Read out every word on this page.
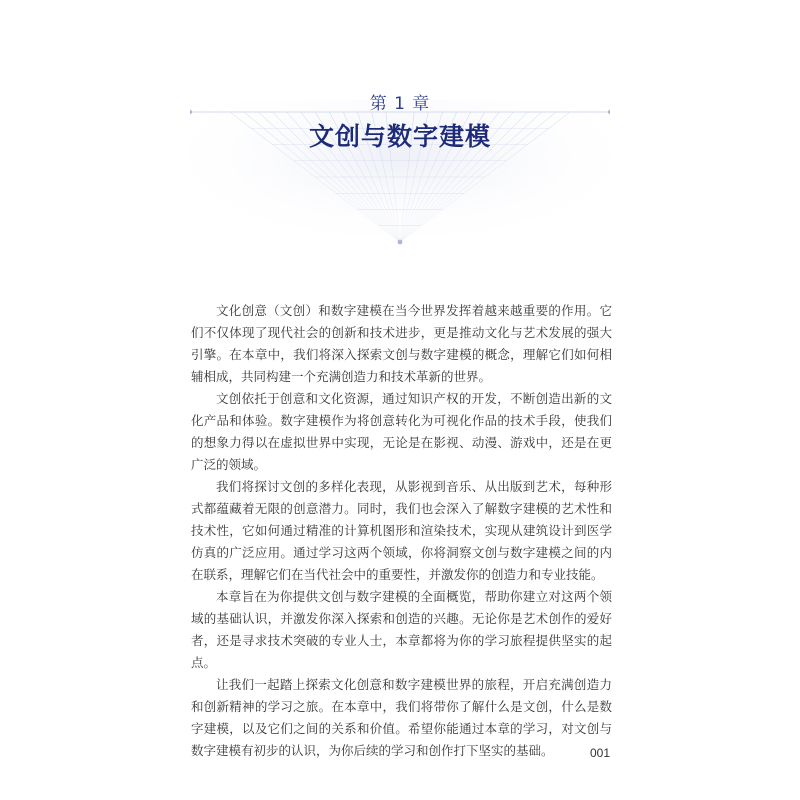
第 1 章
文创与数字建模

文化创意（文创）和数字建模在当今世界发挥着越来越重要的作用。它们不仅体现了现代社会的创新和技术进步，更是推动文化与艺术发展的强大引擎。在本章中，我们将深入探索文创与数字建模的概念，理解它们如何相辅相成，共同构建一个充满创造力和技术革新的世界。

文创依托于创意和文化资源，通过知识产权的开发，不断创造出新的文化产品和体验。数字建模作为将创意转化为可视化作品的技术手段，使我们的想象力得以在虚拟世界中实现，无论是在影视、动漫、游戏中，还是在更广泛的领域。

我们将探讨文创的多样化表现，从影视到音乐、从出版到艺术，每种形式都蕴藏着无限的创意潜力。同时，我们也会深入了解数字建模的艺术性和技术性，它如何通过精准的计算机图形和渲染技术，实现从建筑设计到医学仿真的广泛应用。通过学习这两个领域，你将洞察文创与数字建模之间的内在联系，理解它们在当代社会中的重要性，并激发你的创造力和专业技能。

本章旨在为你提供文创与数字建模的全面概览，帮助你建立对这两个领域的基础认识，并激发你深入探索和创造的兴趣。无论你是艺术创作的爱好者，还是寻求技术突破的专业人士，本章都将为你的学习旅程提供坚实的起点。

让我们一起踏上探索文化创意和数字建模世界的旅程，开启充满创造力和创新精神的学习之旅。在本章中，我们将带你了解什么是文创，什么是数字建模，以及它们之间的关系和价值。希望你能通过本章的学习，对文创与数字建模有初步的认识，为你后续的学习和创作打下坚实的基础。	001
